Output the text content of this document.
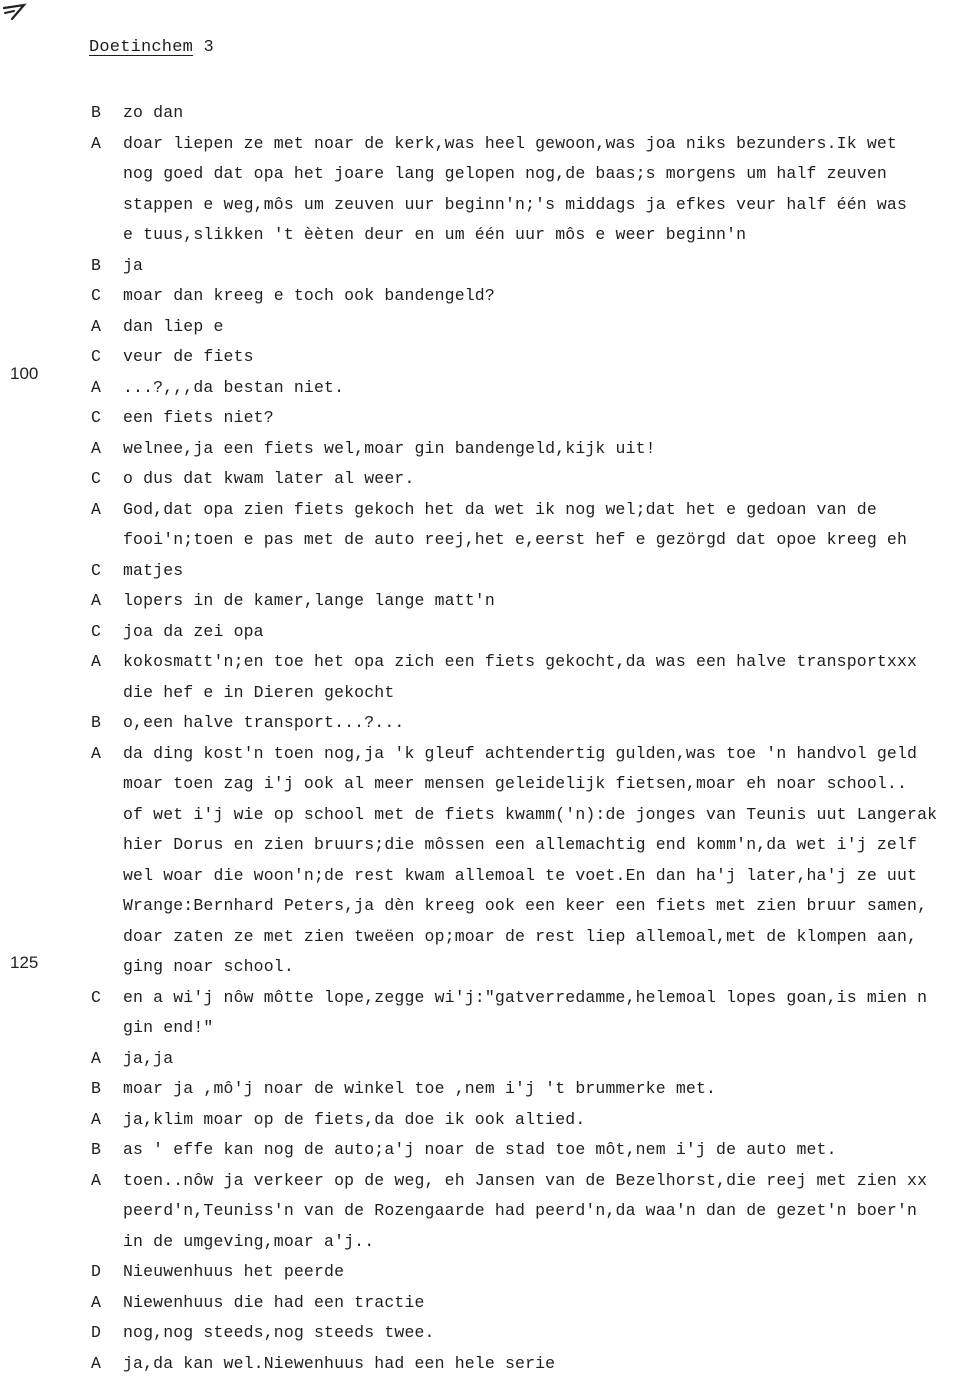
Doetinchem 3
100
125
B zo dan
A doar liepen ze met noar de kerk,was heel gewoon,was joa niks bezunders.Ik wet
nog goed dat opa het joare lang gelopen nog,de baas;s morgens um half zeuven
stappen e weg,môs um zeuven uur beginn'n;'s middags ja efkes veur half één was
e tuus,slikken 't èèten deur en um één uur môs e weer beginn'n
B ja
C moar dan kreeg e toch ook bandengeld?
A dan liep e
C veur de fiets
A ...?,,,da bestan niet.
C een fiets niet?
A welnee,ja een fiets wel,moar gin bandengeld,kijk uit!
C o dus dat kwam later al weer.
A God,dat opa zien fiets gekoch het da wet ik nog wel;dat het e gedoan van de
fooi'n;toen e pas met de auto reej,het e,eerst hef e gezörgd dat opoe kreeg eh
C matjes
A lopers in de kamer,lange lange matt'n
C joa da zei opa
A kokosmatt'n;en toe het opa zich een fiets gekocht,da was een halve transportxxx
die hef e in Dieren gekocht
B o,een halve transport...?...
A da ding kost'n toen nog,ja 'k gleuf achtendertig gulden,was toe 'n handvol geld
moar toen zag i'j ook al meer mensen geleidelijk fietsen,moar eh noar school..
of wet i'j wie op school met de fiets kwamm('n):de jonges van Teunis uut Langerak
hier Dorus en zien bruurs;die môssen een allemachtig end komm'n,da wet i'j zelf
wel woar die woon'n;de rest kwam allemoal te voet.En dan ha'j later,ha'j ze uut
Wrange:Bernhard Peters,ja dèn kreeg ook een keer een fiets met zien bruur samen,
doar zaten ze met zien tweëen op;moar de rest liep allemoal,met de klompen aan,
ging noar school.
C en a wi'j nôw môtte lope,zegge wi'j:"gatverredamme,helemoal lopes goan,is mien n
gin end!"
A ja,ja
B moar ja ,mô'j noar de winkel toe ,nem i'j 't brummerke met.
A ja,klim moar op de fiets,da doe ik ook altied.
B as ' effe kan nog de auto;a'j noar de stad toe môt,nem i'j de auto met.
A toen..nôw ja verkeer op de weg, eh Jansen van de Bezelhorst,die reej met zien xx
peerd'n,Teuniss'n van de Rozengaarde had peerd'n,da waa'n dan de gezet'n boer'n
in de umgeving,moar a'j..
D Nieuwenhuus het peerde
A Niewenhuus die had een tractie
D nog,nog steeds,nog steeds twee.
A ja,da kan wel.Niewenhuus had een hele serie
